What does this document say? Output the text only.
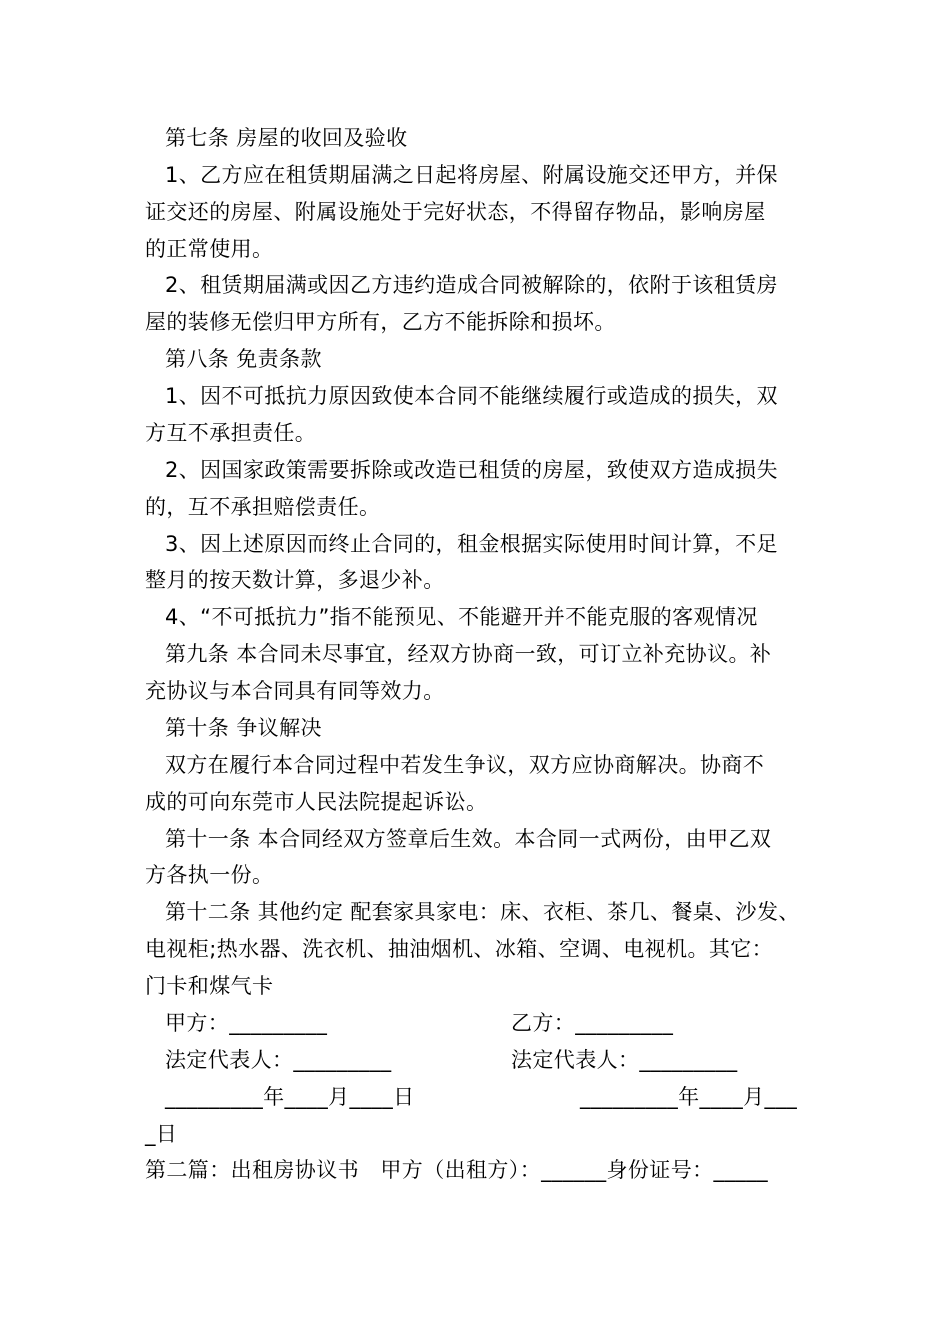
第七条 房屋的收回及验收
1、乙方应在租赁期届满之日起将房屋、附属设施交还甲方，并保
证交还的房屋、附属设施处于完好状态，不得留存物品，影响房屋
的正常使用。
2、租赁期届满或因乙方违约造成合同被解除的，依附于该租赁房
屋的装修无偿归甲方所有，乙方不能拆除和损坏。
第八条 免责条款
1、因不可抵抗力原因致使本合同不能继续履行或造成的损失，双
方互不承担责任。
2、因国家政策需要拆除或改造已租赁的房屋，致使双方造成损失
的，互不承担赔偿责任。
3、因上述原因而终止合同的，租金根据实际使用时间计算，不足
整月的按天数计算，多退少补。
4、“不可抵抗力”指不能预见、不能避开并不能克服的客观情况
第九条 本合同未尽事宜，经双方协商一致，可订立补充协议。补
充协议与本合同具有同等效力。
第十条 争议解决
双方在履行本合同过程中若发生争议，双方应协商解决。协商不
成的可向东莞市人民法院提起诉讼。
第十一条 本合同经双方签章后生效。本合同一式两份，由甲乙双
方各执一份。
第十二条 其他约定 配套家具家电：床、衣柜、茶几、餐桌、沙发、
电视柜;热水器、洗衣机、抽油烟机、冰箱、空调、电视机。其它：
门卡和煤气卡
甲方：_________	乙方：_________
法定代表人：_________	法定代表人：_________
_________年____月____日	_________年____月___
_日
第二篇：出租房协议书　甲方（出租方）：______身份证号：_____
